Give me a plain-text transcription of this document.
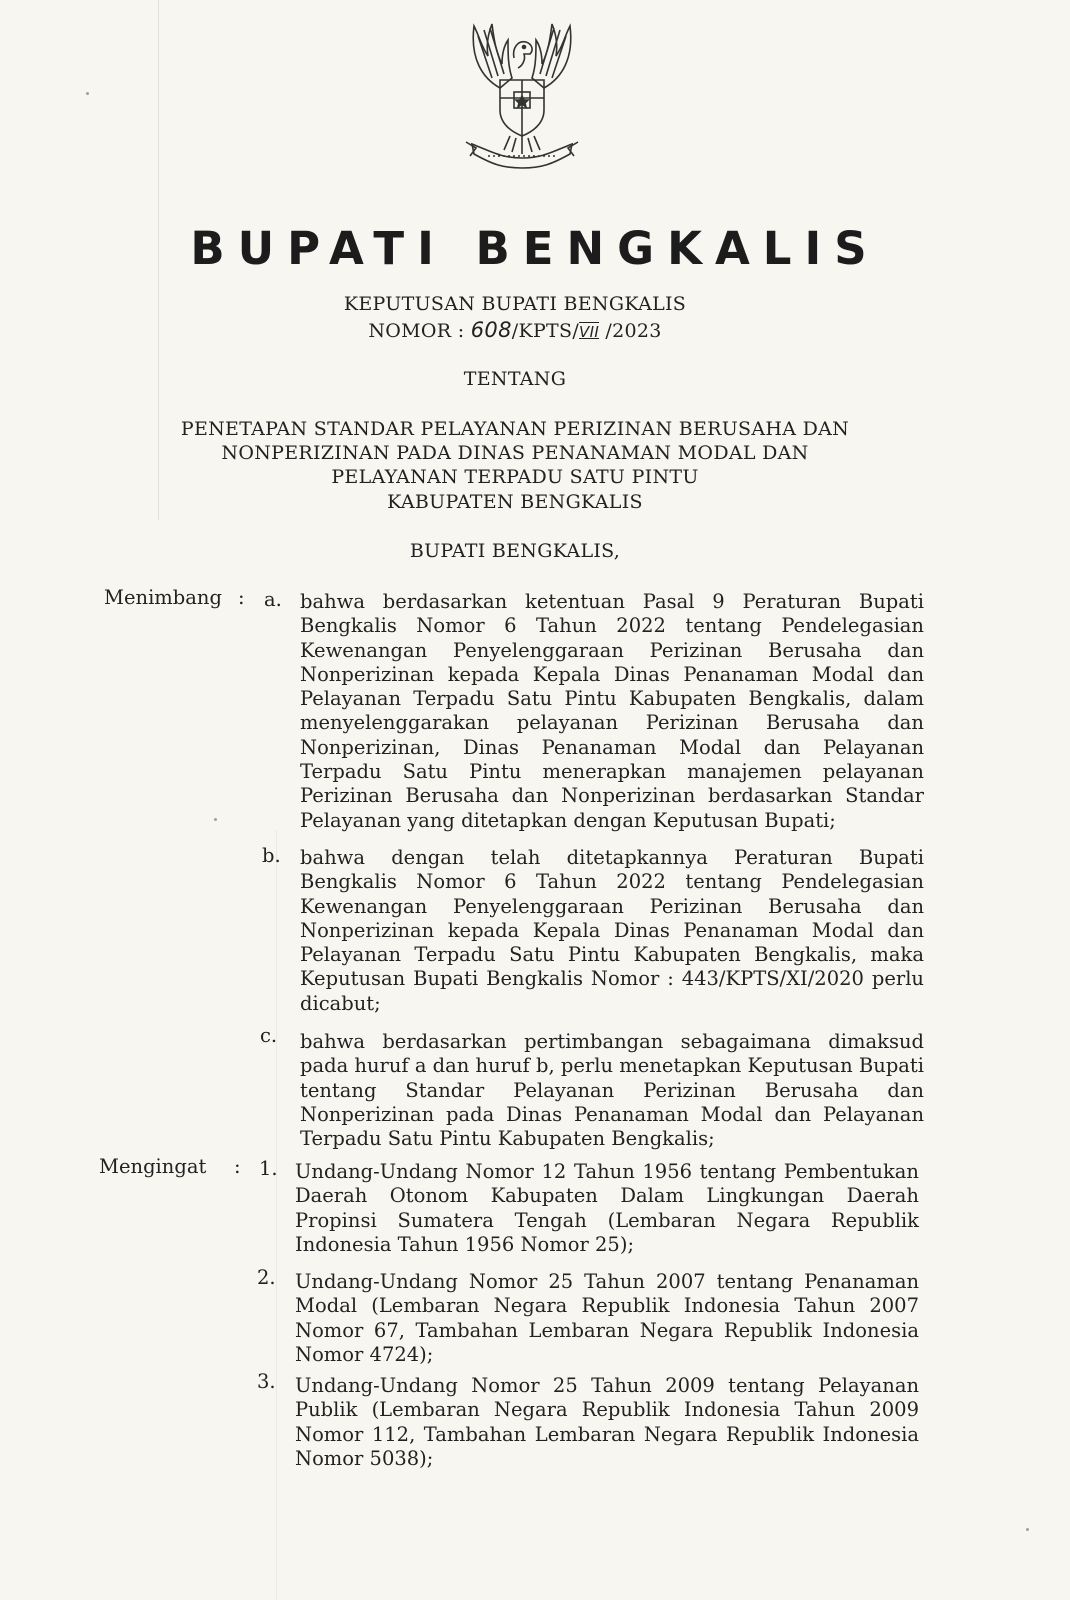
BUPATI BENGKALIS
KEPUTUSAN BUPATI BENGKALIS
NOMOR : 608/KPTS/VII /2023
TENTANG
PENETAPAN STANDAR PELAYANAN PERIZINAN BERUSAHA DAN
NONPERIZINAN PADA DINAS PENANAMAN MODAL DAN
PELAYANAN TERPADU SATU PINTU
KABUPATEN BENGKALIS
BUPATI BENGKALIS,
Menimbang : a. bahwa berdasarkan ketentuan Pasal 9 Peraturan Bupati Bengkalis Nomor 6 Tahun 2022 tentang Pendelegasian Kewenangan Penyelenggaraan Perizinan Berusaha dan Nonperizinan kepada Kepala Dinas Penanaman Modal dan Pelayanan Terpadu Satu Pintu Kabupaten Bengkalis, dalam menyelenggarakan pelayanan Perizinan Berusaha dan Nonperizinan, Dinas Penanaman Modal dan Pelayanan Terpadu Satu Pintu menerapkan manajemen pelayanan Perizinan Berusaha dan Nonperizinan berdasarkan Standar Pelayanan yang ditetapkan dengan Keputusan Bupati;
b. bahwa dengan telah ditetapkannya Peraturan Bupati Bengkalis Nomor 6 Tahun 2022 tentang Pendelegasian Kewenangan Penyelenggaraan Perizinan Berusaha dan Nonperizinan kepada Kepala Dinas Penanaman Modal dan Pelayanan Terpadu Satu Pintu Kabupaten Bengkalis, maka Keputusan Bupati Bengkalis Nomor : 443/KPTS/XI/2020 perlu dicabut;
c. bahwa berdasarkan pertimbangan sebagaimana dimaksud pada huruf a dan huruf b, perlu menetapkan Keputusan Bupati tentang Standar Pelayanan Perizinan Berusaha dan Nonperizinan pada Dinas Penanaman Modal dan Pelayanan Terpadu Satu Pintu Kabupaten Bengkalis;
Mengingat : 1. Undang-Undang Nomor 12 Tahun 1956 tentang Pembentukan Daerah Otonom Kabupaten Dalam Lingkungan Daerah Propinsi Sumatera Tengah (Lembaran Negara Republik Indonesia Tahun 1956 Nomor 25);
2. Undang-Undang Nomor 25 Tahun 2007 tentang Penanaman Modal (Lembaran Negara Republik Indonesia Tahun 2007 Nomor 67, Tambahan Lembaran Negara Republik Indonesia Nomor 4724);
3. Undang-Undang Nomor 25 Tahun 2009 tentang Pelayanan Publik (Lembaran Negara Republik Indonesia Tahun 2009 Nomor 112, Tambahan Lembaran Negara Republik Indonesia Nomor 5038);
